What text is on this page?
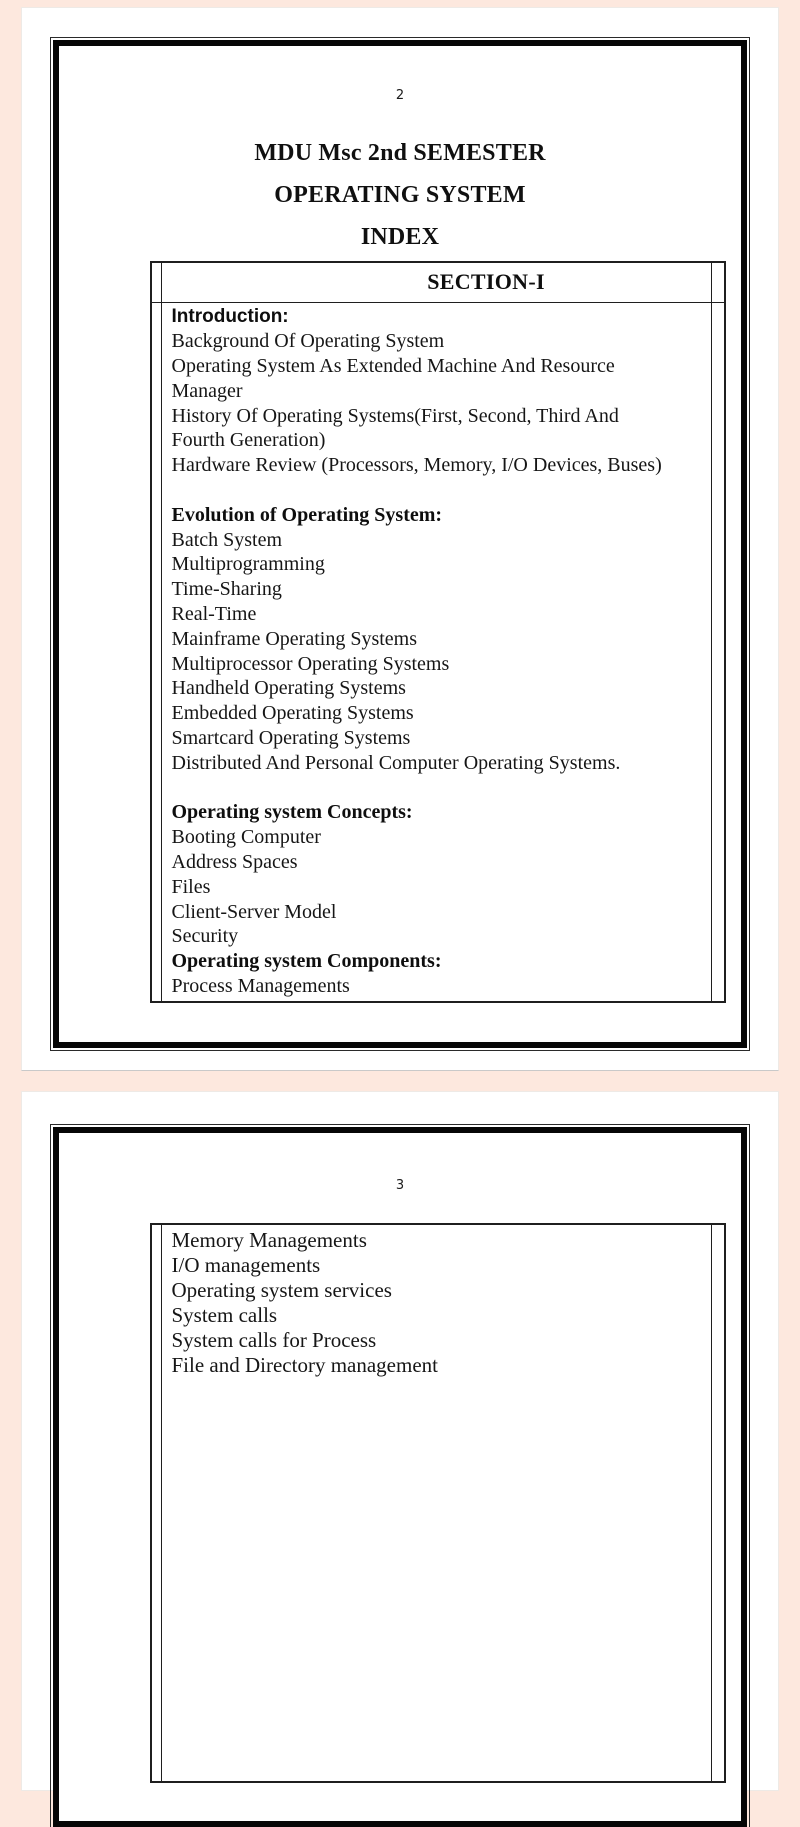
2
MDU Msc 2nd SEMESTER
OPERATING SYSTEM
INDEX
	SECTION-I	

Introduction:
Background Of Operating System
Operating System As Extended Machine And Resource
Manager
History Of Operating Systems(First, Second, Third And
Fourth Generation)
Hardware Review (Processors, Memory, I/O Devices, Buses)

Evolution of Operating System:
Batch System
Multiprogramming
Time-Sharing
Real-Time
Mainframe Operating Systems
Multiprocessor Operating Systems
Handheld Operating Systems
Embedded Operating Systems
Smartcard Operating Systems
Distributed And Personal Computer Operating Systems.

Operating system Concepts:
Booting Computer
Address Spaces
Files
Client-Server Model
Security
Operating system Components:
Process Managements

3

Memory Managements
I/O managements
Operating system services
System calls
System calls for Process
File and Directory management
